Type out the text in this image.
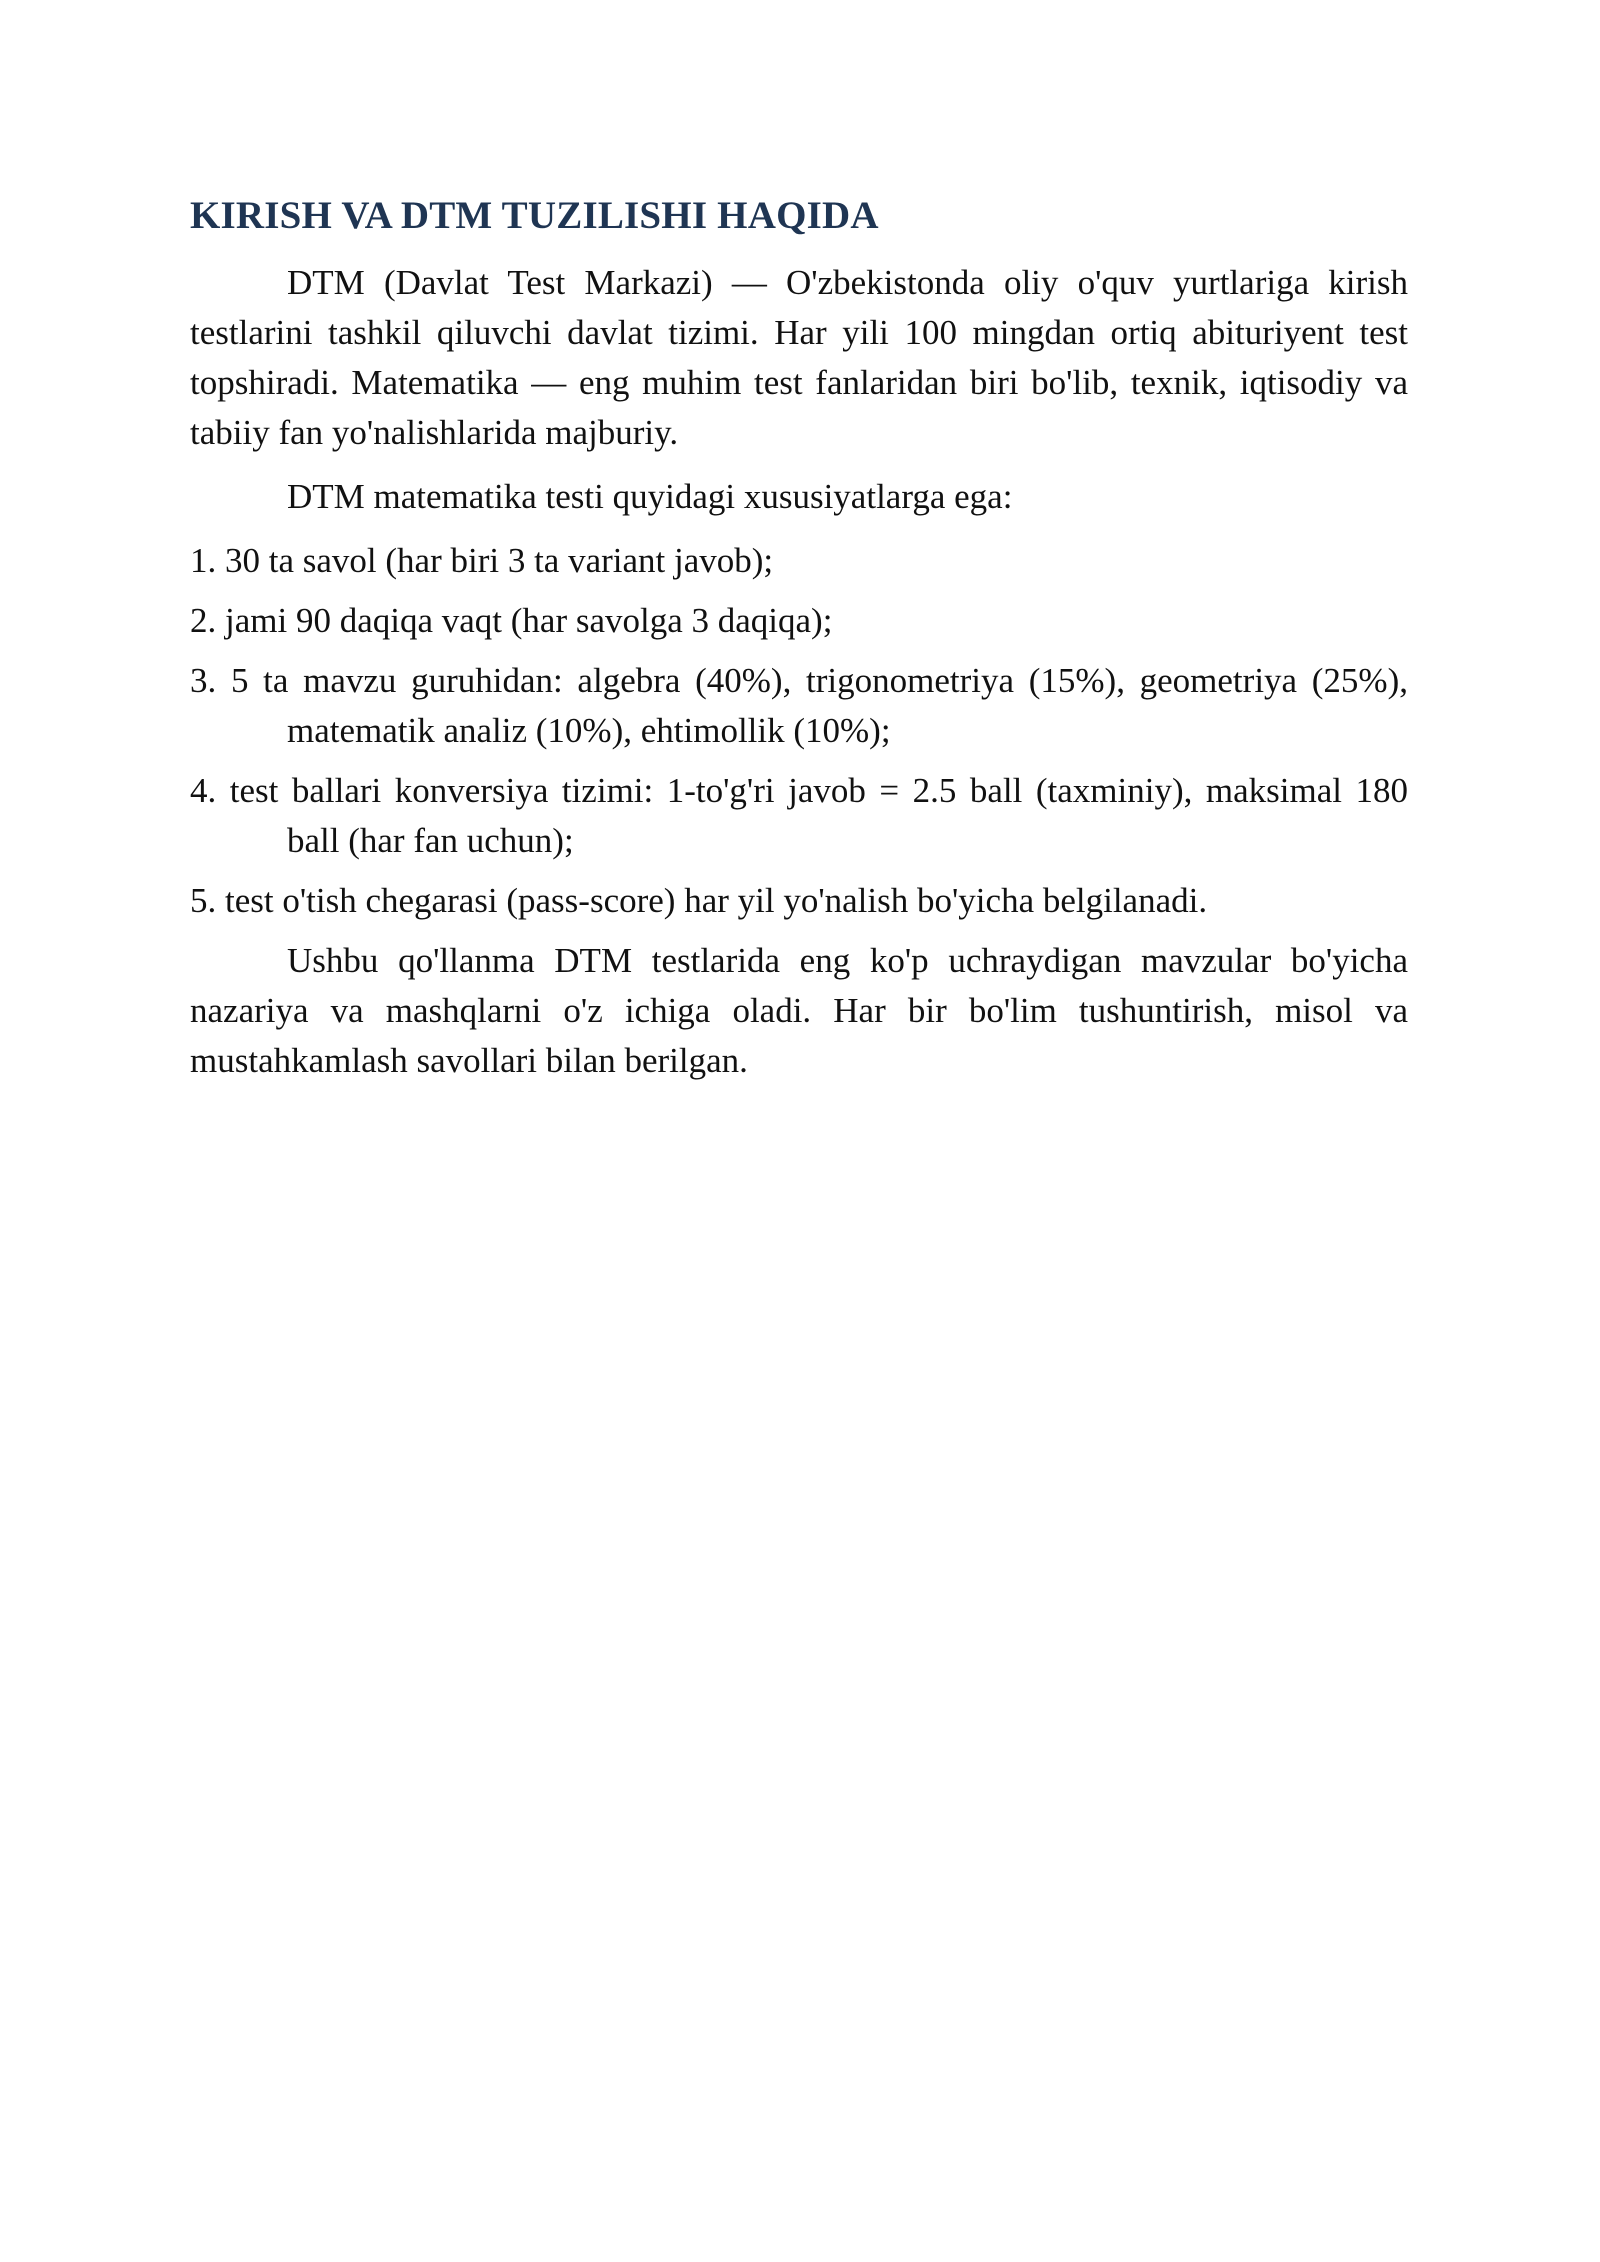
KIRISH VA DTM TUZILISHI HAQIDA

DTM (Davlat Test Markazi) — O'zbekistonda oliy o'quv yurtlariga kirish testlarini tashkil qiluvchi davlat tizimi. Har yili 100 mingdan ortiq abituriyent test topshiradi. Matematika — eng muhim test fanlaridan biri bo'lib, texnik, iqtisodiy va tabiiy fan yo'nalishlarida majburiy.

DTM matematika testi quyidagi xususiyatlarga ega:

1. 30 ta savol (har biri 3 ta variant javob);
2. jami 90 daqiqa vaqt (har savolga 3 daqiqa);
3. 5 ta mavzu guruhidan: algebra (40%), trigonometriya (15%), geometriya (25%), matematik analiz (10%), ehtimollik (10%);
4. test ballari konversiya tizimi: 1-to'g'ri javob = 2.5 ball (taxminiy), maksimal 180 ball (har fan uchun);
5. test o'tish chegarasi (pass-score) har yil yo'nalish bo'yicha belgilanadi.

Ushbu qo'llanma DTM testlarida eng ko'p uchraydigan mavzular bo'yicha nazariya va mashqlarni o'z ichiga oladi. Har bir bo'lim tushuntirish, misol va mustahkamlash savollari bilan berilgan.
